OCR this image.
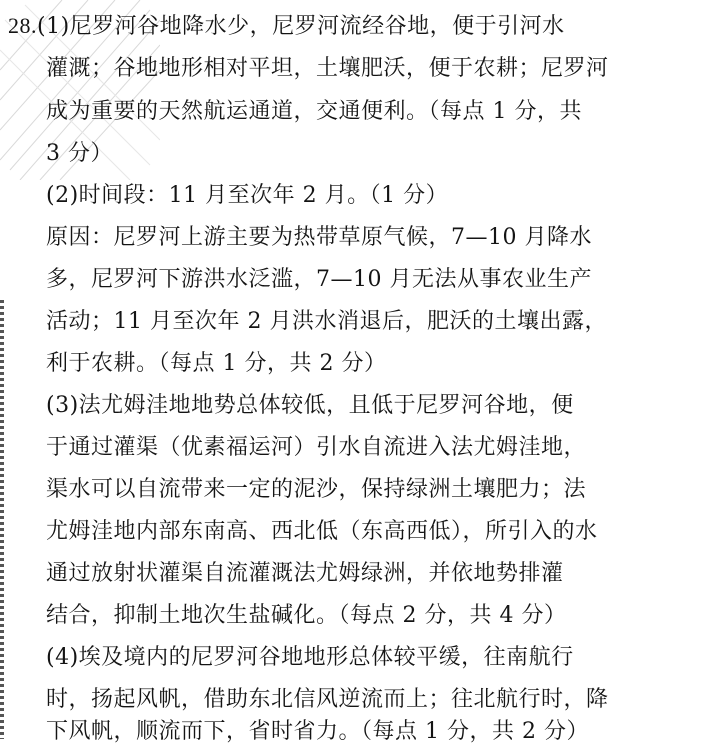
28.(1)尼罗河谷地降水少，尼罗河流经谷地，便于引河水
灌溉；谷地地形相对平坦，土壤肥沃，便于农耕；尼罗河
成为重要的天然航运通道，交通便利。（每点 1 分，共
3 分）
(2)时间段：11 月至次年 2 月。（1 分）
原因：尼罗河上游主要为热带草原气候，7—10 月降水
多，尼罗河下游洪水泛滥，7—10 月无法从事农业生产
活动；11 月至次年 2 月洪水消退后，肥沃的土壤出露，
利于农耕。（每点 1 分，共 2 分）
(3)法尤姆洼地地势总体较低，且低于尼罗河谷地，便
于通过灌渠（优素福运河）引水自流进入法尤姆洼地，
渠水可以自流带来一定的泥沙，保持绿洲土壤肥力；法
尤姆洼地内部东南高、西北低（东高西低），所引入的水
通过放射状灌渠自流灌溉法尤姆绿洲，并依地势排灌
结合，抑制土地次生盐碱化。（每点 2 分，共 4 分）
(4)埃及境内的尼罗河谷地地形总体较平缓，往南航行
时，扬起风帆，借助东北信风逆流而上；往北航行时，降
下风帆，顺流而下，省时省力。（每点 1 分，共 2 分）
